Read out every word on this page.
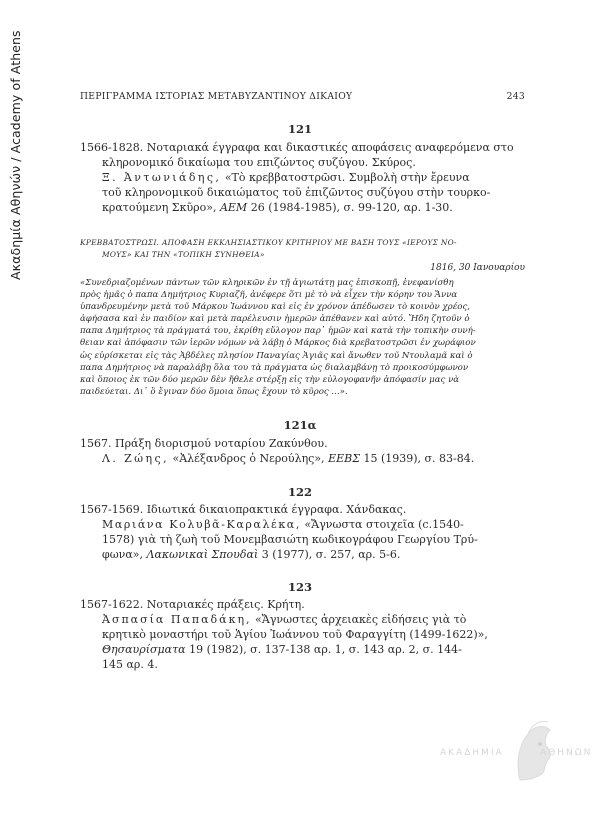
Ακαδημία Αθηνών / Academy of Athens	ΠΕΡΙΓΡΑΜΜΑ ΙΣΤΟΡΙΑΣ ΜΕΤΑΒΥΖΑΝΤΙΝΟΥ ΔΙΚΑΙΟΥ	243
121
1566-1828. Νοταριακά έγγραφα και δικαστικές αποφάσεις αναφερόμενα στο
κληρονομικό δικαίωμα του επιζώντος συζύγου. Σκύρος.
Ξ. Ἀντωνιάδης, «Τὸ κρεββατοστρῶσι. Συμβολὴ στὴν ἔρευνα
τοῦ κληρονομικοῦ δικαιώματος τοῦ ἐπιζῶντος συζύγου στὴν τουρκο-
κρατούμενη Σκῦρο», ΑΕΜ 26 (1984-1985), σ. 99-120, αρ. 1-30.
ΚΡΕΒΒΑΤΟΣΤΡΩΣΙ. ΑΠΟΦΑΣΗ ΕΚΚΛΗΣΙΑΣΤΙΚΟΥ ΚΡΙΤΗΡΙΟΥ ΜΕ ΒΑΣΗ ΤΟΥΣ «ΙΕΡΟΥΣ ΝΟ-
ΜΟΥΣ» ΚΑΙ ΤΗΝ «ΤΟΠΙΚΗ ΣΥΝΗΘΕΙΑ»
1816, 30 Ιανουαρίου
«Συνεδριαζομένων πάντων τῶν κληρικῶν ἐν τῇ ἁγιωτάτῃ μας ἐπισκοπῇ, ἐνεφανίσθη
πρὸς ἡμᾶς ὁ παπα Δημήτριος Κυριαζῆ, ἀνέφερε ὅτι μὲ τὸ νὰ εἶχεν τὴν κόρην του Ἄννα
ὑπανδρευμένην μετὰ τοῦ Μάρκου Ἰωάννου καὶ εἰς ἐν χρόνον ἀπέδωσεν τὸ κοινὸν χρέος,
ἀφήσασα καὶ ἐν παιδίον καὶ μετὰ παρέλευσιν ἡμερῶν ἀπέθανεν καὶ αὐτό. Ἤδη ζητοῦν ὁ
παπα Δημήτριος τὰ πράγματά του, ἐκρίθη εὔλογον παρ᾽ ἡμῶν καὶ κατὰ τὴν τοπικὴν συνή-
θειαν καὶ ἀπόφασιν τῶν ἱερῶν νόμων νὰ λάβῃ ὁ Μάρκος διὰ κρεβατοστρῶσι ἐν χωράφιον
ὡς εὑρίσκεται εἰς τὰς Ἀβδέλες πλησίον Παναγίας Ἁγιᾶς καὶ ἄνωθεν τοῦ Ντουλαμᾶ καὶ ὁ
παπα Δημήτριος νὰ παραλάβῃ ὅλα του τὰ πράγματα ὡς διαλαμβάνῃ τὸ προικοσύμφωνον
καὶ ὅποιος ἐκ τῶν δύο μερῶν δὲν ἤθελε στέρξῃ εἰς τὴν εὐλογοφανῆν ἀπόφασίν μας νὰ
παιδεύεται. Δι᾽ ὃ ἔγιναν δύο ὅμοια ὅπως ἔχουν τὸ κῦρος ...».
121α
1567. Πράξη διορισμού νοταρίου Ζακύνθου.
Λ. Ζώης, «Ἀλέξανδρος ὁ Νερούλης», ΕΕΒΣ 15 (1939), σ. 83-84.
122
1567-1569. Ιδιωτικά δικαιοπρακτικά έγγραφα. Χάνδακας.
Μαριάνα Κολυβᾶ-Καραλέκα, «Ἄγνωστα στοιχεῖα (c.1540-
1578) γιὰ τὴ ζωὴ τοῦ Μονεμβασιώτη κωδικογράφου Γεωργίου Τρύ-
φωνα», Λακωνικαὶ Σπουδαὶ 3 (1977), σ. 257, αρ. 5-6.
123
1567-1622. Νοταριακές πράξεις. Κρήτη.
Ἀσπασία Παπαδάκη, «Ἄγνωστες ἀρχειακὲς εἰδήσεις γιὰ τὸ
κρητικὸ μοναστήρι τοῦ Ἁγίου Ἰωάννου τοῦ Φαραγγίτη (1499-1622)»,
Θησαυρίσματα 19 (1982), σ. 137-138 αρ. 1, σ. 143 αρ. 2, σ. 144-
145 αρ. 4.
ΑΚΑΔΗΜΙΑ	ΑΘΗΝΩΝ
